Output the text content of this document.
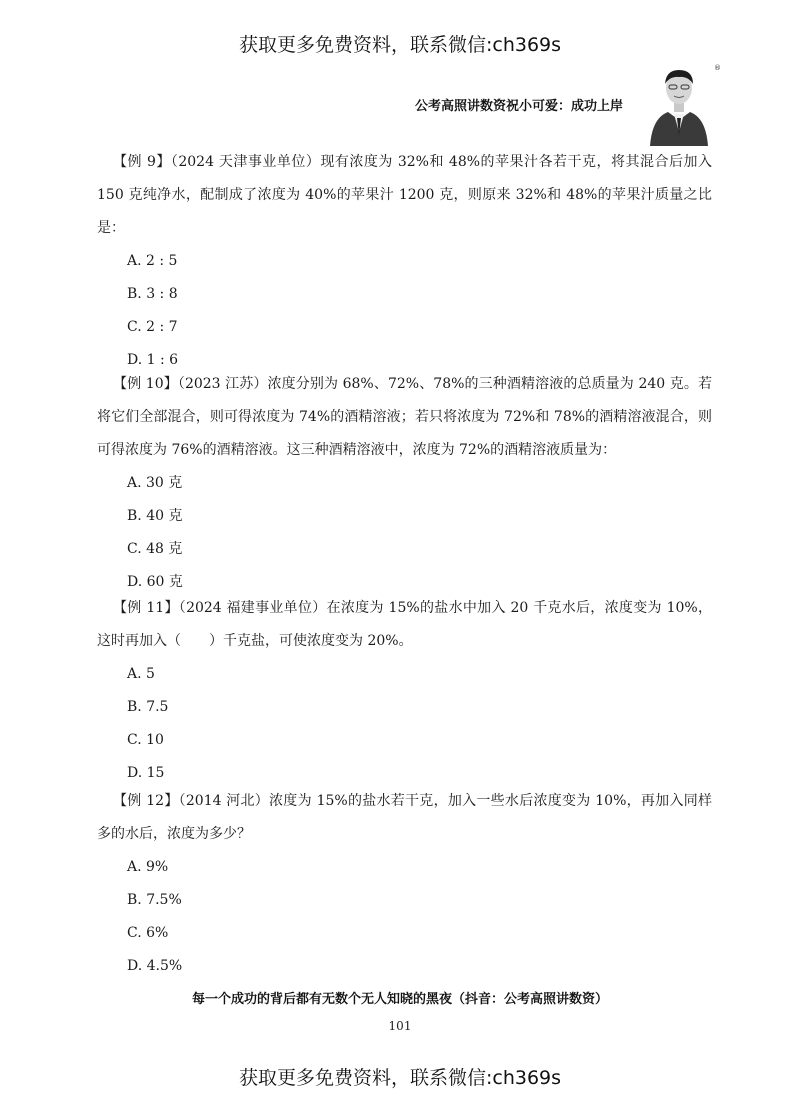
获取更多免费资料，联系微信:ch369s
公考高照讲数资祝小可爱：成功上岸
®

【例 9】（2024 天津事业单位）现有浓度为 32%和 48%的苹果汁各若干克，将其混合后加入 150 克纯净水，配制成了浓度为 40%的苹果汁 1200 克，则原来 32%和 48%的苹果汁质量之比是：

A. 2 : 5

B. 3 : 8

C. 2 : 7

D. 1 : 6

【例 10】（2023 江苏）浓度分别为 68%、72%、78%的三种酒精溶液的总质量为 240 克。若将它们全部混合，则可得浓度为 74%的酒精溶液；若只将浓度为 72%和 78%的酒精溶液混合，则可得浓度为 76%的酒精溶液。这三种酒精溶液中，浓度为 72%的酒精溶液质量为：

A. 30 克

B. 40 克

C. 48 克

D. 60 克

【例 11】（2024 福建事业单位）在浓度为 15%的盐水中加入 20 千克水后，浓度变为 10%，这时再加入（　　）千克盐，可使浓度变为 20%。

A. 5

B. 7.5

C. 10

D. 15

【例 12】（2014 河北）浓度为 15%的盐水若干克，加入一些水后浓度变为 10%，再加入同样多的水后，浓度为多少？

A. 9%

B. 7.5%

C. 6%

D. 4.5%

每一个成功的背后都有无数个无人知晓的黑夜（抖音：公考高照讲数资）
101
获取更多免费资料，联系微信:ch369s
